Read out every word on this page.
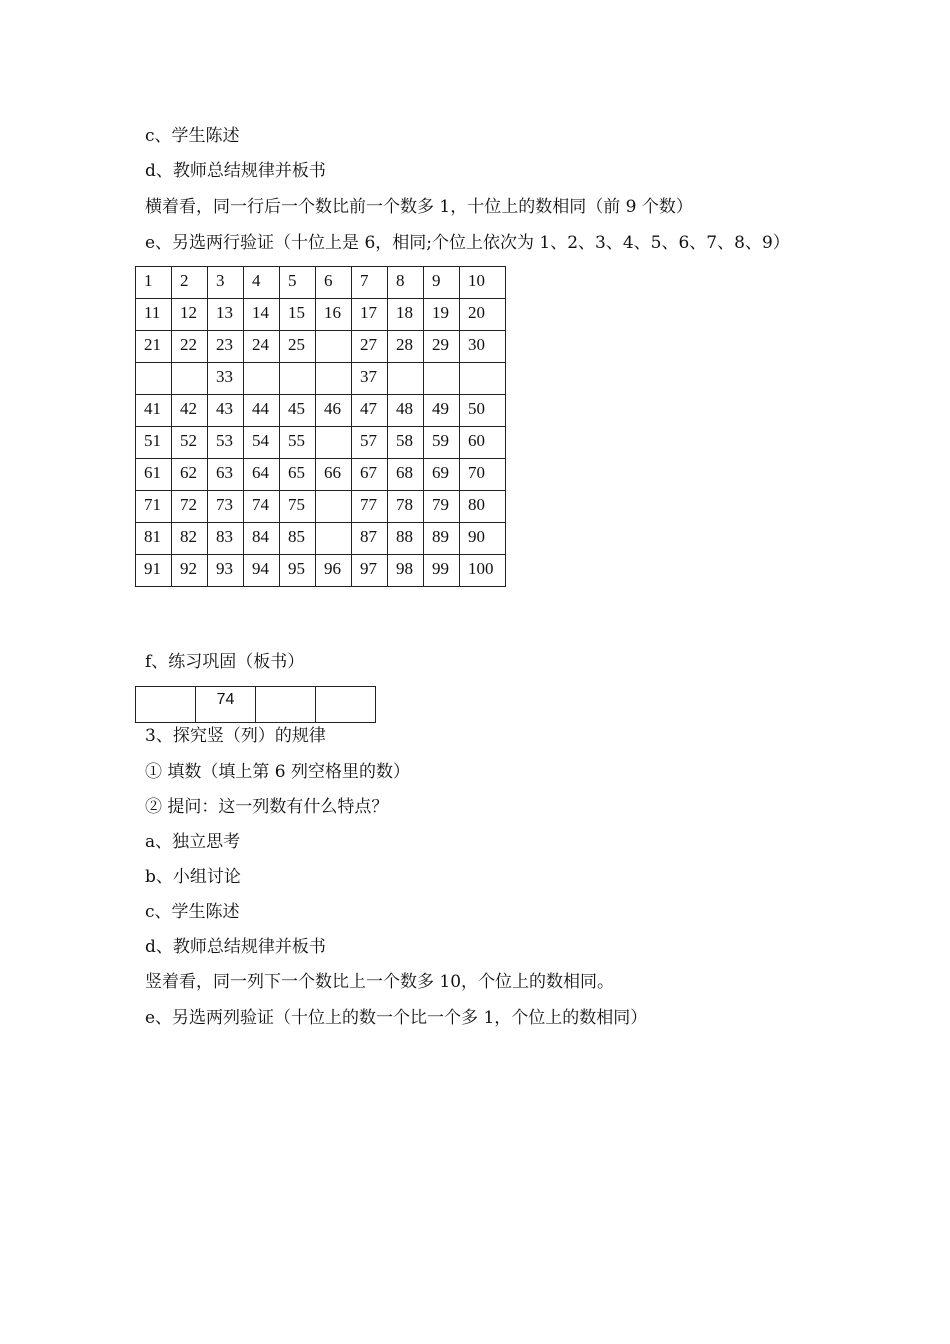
c、学生陈述
d、教师总结规律并板书
横着看，同一行后一个数比前一个数多 1，十位上的数相同（前 9 个数）
e、另选两行验证（十位上是 6，相同;个位上依次为 1、2、3、4、5、6、7、8、9）
1	2	3	4	5	6	7	8	9	10
11	12	13	14	15	16	17	18	19	20
21	22	23	24	25		27	28	29	30
		33				37			
41	42	43	44	45	46	47	48	49	50
51	52	53	54	55		57	58	59	60
61	62	63	64	65	66	67	68	69	70
71	72	73	74	75		77	78	79	80
81	82	83	84	85		87	88	89	90
91	92	93	94	95	96	97	98	99	100
f、练习巩固（板书）
	74		
3、探究竖（列）的规律
① 填数（填上第 6 列空格里的数）
② 提问：这一列数有什么特点？
a、独立思考
b、小组讨论
c、学生陈述
d、教师总结规律并板书
竖着看，同一列下一个数比上一个数多 10，个位上的数相同。
e、另选两列验证（十位上的数一个比一个多 1，个位上的数相同）
